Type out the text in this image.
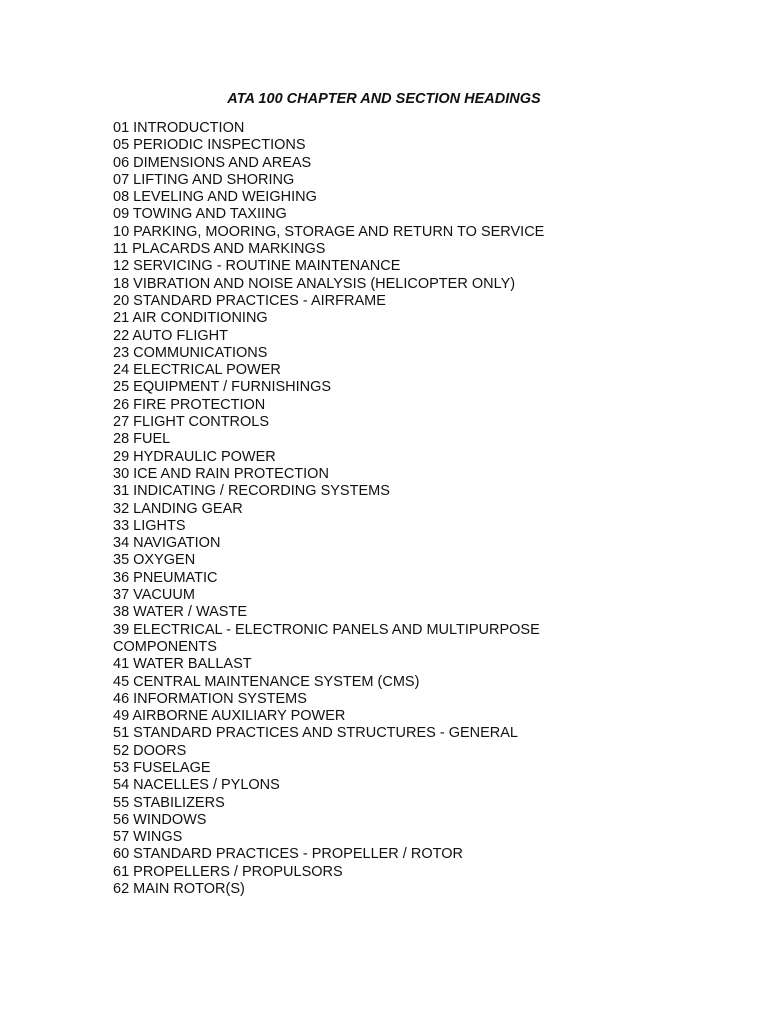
ATA 100 CHAPTER AND SECTION HEADINGS
01 INTRODUCTION
05 PERIODIC INSPECTIONS
06 DIMENSIONS AND AREAS
07 LIFTING AND SHORING
08 LEVELING AND WEIGHING
09 TOWING AND TAXIING
10 PARKING, MOORING, STORAGE AND RETURN TO SERVICE
11 PLACARDS AND MARKINGS
12 SERVICING - ROUTINE MAINTENANCE
18 VIBRATION AND NOISE ANALYSIS (HELICOPTER ONLY)
20 STANDARD PRACTICES - AIRFRAME
21 AIR CONDITIONING
22 AUTO FLIGHT
23 COMMUNICATIONS
24 ELECTRICAL POWER
25 EQUIPMENT / FURNISHINGS
26 FIRE PROTECTION
27 FLIGHT CONTROLS
28 FUEL
29 HYDRAULIC POWER
30 ICE AND RAIN PROTECTION
31 INDICATING / RECORDING SYSTEMS
32 LANDING GEAR
33 LIGHTS
34 NAVIGATION
35 OXYGEN
36 PNEUMATIC
37 VACUUM
38 WATER / WASTE
39 ELECTRICAL - ELECTRONIC PANELS AND MULTIPURPOSE
COMPONENTS
41 WATER BALLAST
45 CENTRAL MAINTENANCE SYSTEM (CMS)
46 INFORMATION SYSTEMS
49 AIRBORNE AUXILIARY POWER
51 STANDARD PRACTICES AND STRUCTURES - GENERAL
52 DOORS
53 FUSELAGE
54 NACELLES / PYLONS
55 STABILIZERS
56 WINDOWS
57 WINGS
60 STANDARD PRACTICES - PROPELLER / ROTOR
61 PROPELLERS / PROPULSORS
62 MAIN ROTOR(S)
